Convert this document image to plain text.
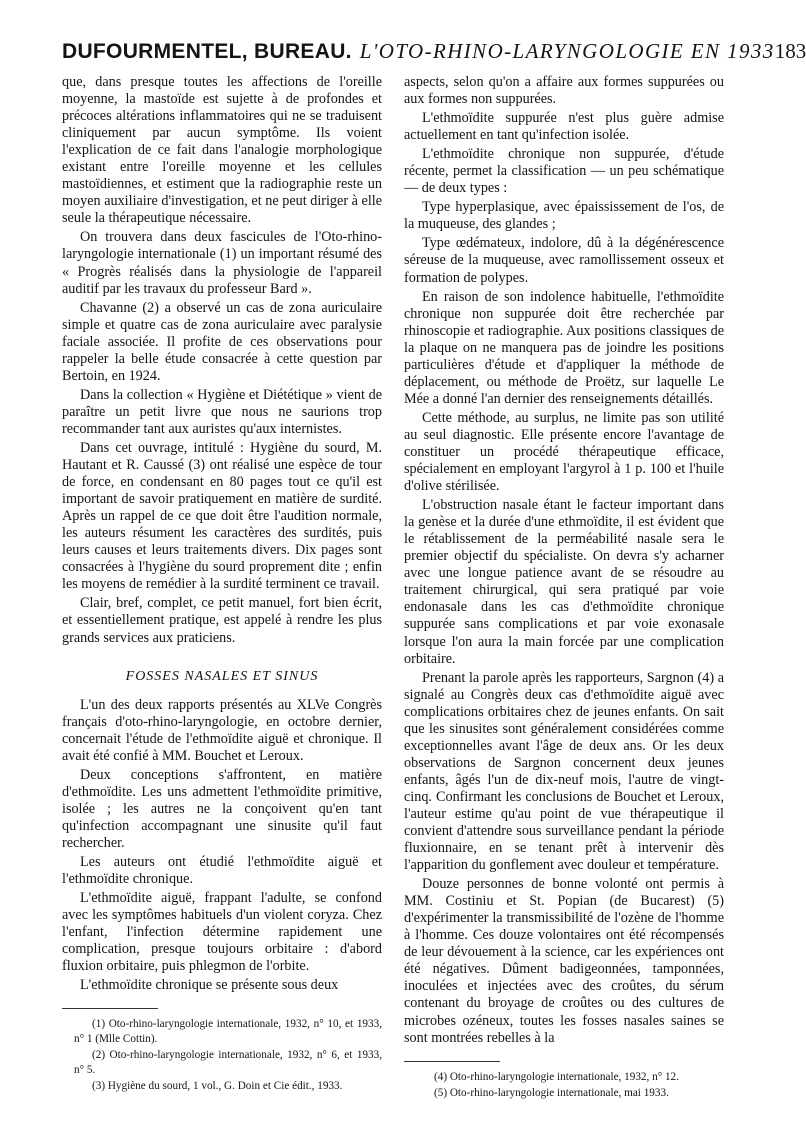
DUFOURMENTEL, BUREAU. L'OTO-RHINO-LARYNGOLOGIE EN 1933 183

que, dans presque toutes les affections de l'oreille moyenne, la mastoïde est sujette à de profondes et précoces altérations inflammatoires qui ne se traduisent cliniquement par aucun symptôme. Ils voient l'explication de ce fait dans l'analogie morphologique existant entre l'oreille moyenne et les cellules mastoïdiennes, et estiment que la radiographie reste un moyen auxiliaire d'investigation, et ne peut diriger à elle seule la thérapeutique nécessaire.

On trouvera dans deux fascicules de l'Oto-rhino-laryngologie internationale (1) un important résumé des « Progrès réalisés dans la physiologie de l'appareil auditif par les travaux du professeur Bard ».

Chavanne (2) a observé un cas de zona auriculaire simple et quatre cas de zona auriculaire avec paralysie faciale associée. Il profite de ces observations pour rappeler la belle étude consacrée à cette question par Bertoin, en 1924.

Dans la collection « Hygiène et Diététique » vient de paraître un petit livre que nous ne saurions trop recommander tant aux auristes qu'aux internistes.

Dans cet ouvrage, intitulé : Hygiène du sourd, M. Hautant et R. Caussé (3) ont réalisé une espèce de tour de force, en condensant en 80 pages tout ce qu'il est important de savoir pratiquement en matière de surdité. Après un rappel de ce que doit être l'audition normale, les auteurs résument les caractères des surdités, puis leurs causes et leurs traitements divers. Dix pages sont consacrées à l'hygiène du sourd proprement dite ; enfin les moyens de remédier à la surdité terminent ce travail.

Clair, bref, complet, ce petit manuel, fort bien écrit, et essentiellement pratique, est appelé à rendre les plus grands services aux praticiens.

FOSSES NASALES ET SINUS

L'un des deux rapports présentés au XLVe Congrès français d'oto-rhino-laryngologie, en octobre dernier, concernait l'étude de l'ethmoïdite aiguë et chronique. Il avait été confié à MM. Bouchet et Leroux.

Deux conceptions s'affrontent, en matière d'ethmoïdite. Les uns admettent l'ethmoïdite primitive, isolée ; les autres ne la conçoivent qu'en tant qu'infection accompagnant une sinusite qu'il faut rechercher.

Les auteurs ont étudié l'ethmoïdite aiguë et l'ethmoïdite chronique.

L'ethmoïdite aiguë, frappant l'adulte, se confond avec les symptômes habituels d'un violent coryza. Chez l'enfant, l'infection détermine rapidement une complication, presque toujours orbitaire : d'abord fluxion orbitaire, puis phlegmon de l'orbite.

L'ethmoïdite chronique se présente sous deux

(1) Oto-rhino-laryngologie internationale, 1932, n° 10, et 1933, n° 1 (Mlle Cottin).

(2) Oto-rhino-laryngologie internationale, 1932, n° 6, et 1933, n° 5.

(3) Hygiène du sourd, 1 vol., G. Doin et Cie édit., 1933.

aspects, selon qu'on a affaire aux formes suppurées ou aux formes non suppurées.

L'ethmoïdite suppurée n'est plus guère admise actuellement en tant qu'infection isolée.

L'ethmoïdite chronique non suppurée, d'étude récente, permet la classification — un peu schématique — de deux types :

Type hyperplasique, avec épaississement de l'os, de la muqueuse, des glandes ;

Type œdémateux, indolore, dû à la dégénérescence séreuse de la muqueuse, avec ramollissement osseux et formation de polypes.

En raison de son indolence habituelle, l'ethmoïdite chronique non suppurée doit être recherchée par rhinoscopie et radiographie. Aux positions classiques de la plaque on ne manquera pas de joindre les positions particulières d'étude et d'appliquer la méthode de déplacement, ou méthode de Proëtz, sur laquelle Le Mée a donné l'an dernier des renseignements détaillés.

Cette méthode, au surplus, ne limite pas son utilité au seul diagnostic. Elle présente encore l'avantage de constituer un procédé thérapeutique efficace, spécialement en employant l'argyrol à 1 p. 100 et l'huile d'olive stérilisée.

L'obstruction nasale étant le facteur important dans la genèse et la durée d'une ethmoïdite, il est évident que le rétablissement de la perméabilité nasale sera le premier objectif du spécialiste. On devra s'y acharner avec une longue patience avant de se résoudre au traitement chirurgical, qui sera pratiqué par voie endonasale dans les cas d'ethmoïdite chronique suppurée sans complications et par voie exonasale lorsque l'on aura la main forcée par une complication orbitaire.

Prenant la parole après les rapporteurs, Sargnon (4) a signalé au Congrès deux cas d'ethmoïdite aiguë avec complications orbitaires chez de jeunes enfants. On sait que les sinusites sont généralement considérées comme exceptionnelles avant l'âge de deux ans. Or les deux observations de Sargnon concernent deux jeunes enfants, âgés l'un de dix-neuf mois, l'autre de vingt-cinq. Confirmant les conclusions de Bouchet et Leroux, l'auteur estime qu'au point de vue thérapeutique il convient d'attendre sous surveillance pendant la période fluxionnaire, en se tenant prêt à intervenir dès l'apparition du gonflement avec douleur et température.

Douze personnes de bonne volonté ont permis à MM. Costiniu et St. Popian (de Bucarest) (5) d'expérimenter la transmissibilité de l'ozène de l'homme à l'homme. Ces douze volontaires ont été récompensés de leur dévouement à la science, car les expériences ont été négatives. Dûment badigeonnées, tamponnées, inoculées et injectées avec des croûtes, du sérum contenant du broyage de croûtes ou des cultures de microbes ozéneux, toutes les fosses nasales saines se sont montrées rebelles à la

(4) Oto-rhino-laryngologie internationale, 1932, n° 12.

(5) Oto-rhino-laryngologie internationale, mai 1933.
